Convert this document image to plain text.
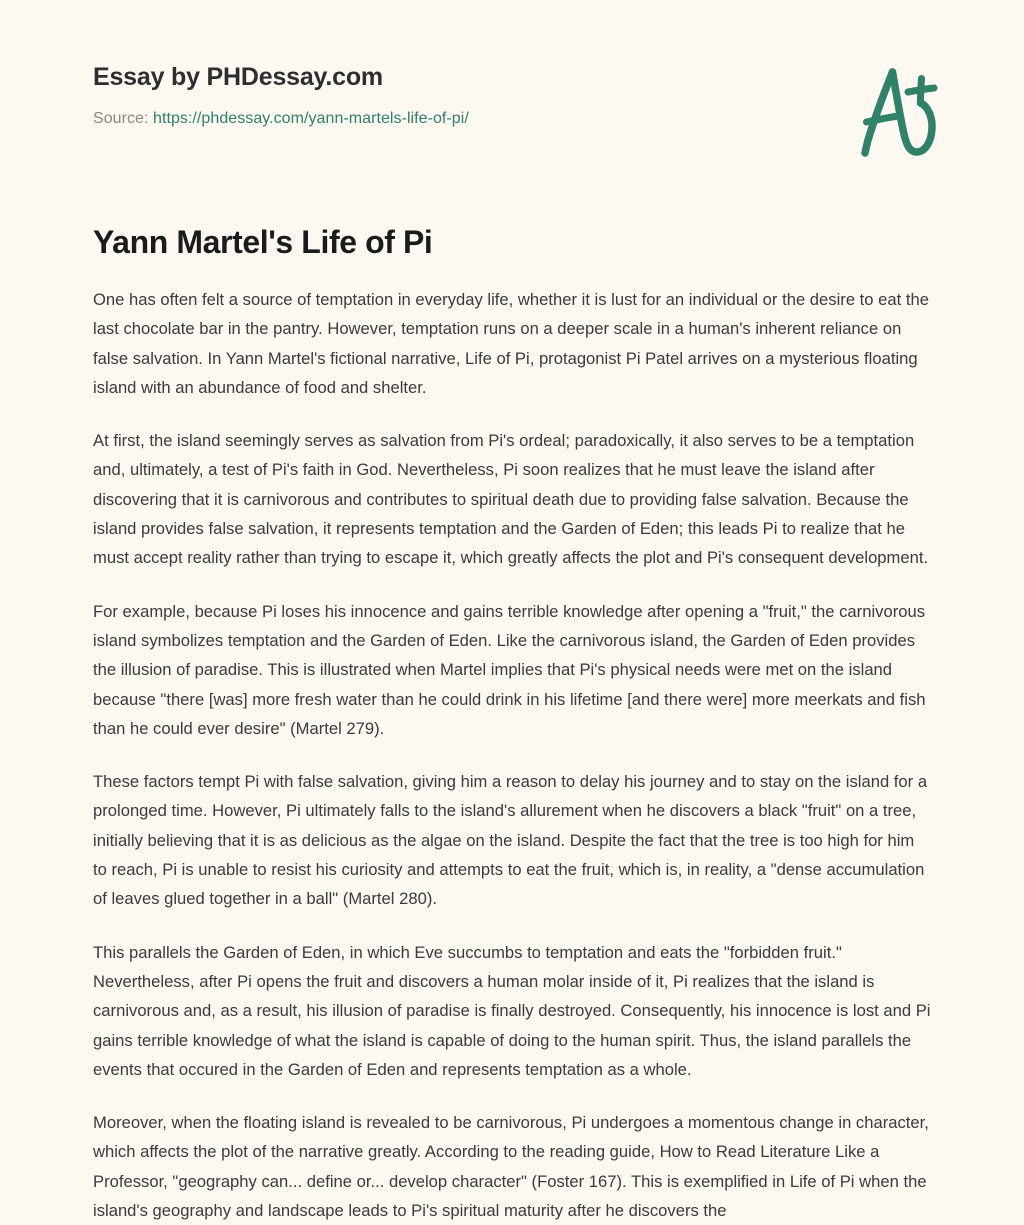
Essay by PHDessay.com
Source: https://phdessay.com/yann-martels-life-of-pi/
Yann Martel's Life of Pi

One has often felt a source of temptation in everyday life, whether it is lust for an individual or the desire to eat the last chocolate bar in the pantry. However, temptation runs on a deeper scale in a human's inherent reliance on false salvation. In Yann Martel's fictional narrative, Life of Pi, protagonist Pi Patel arrives on a mysterious floating island with an abundance of food and shelter.

At first, the island seemingly serves as salvation from Pi's ordeal; paradoxically, it also serves to be a temptation and, ultimately, a test of Pi's faith in God. Nevertheless, Pi soon realizes that he must leave the island after discovering that it is carnivorous and contributes to spiritual death due to providing false salvation. Because the island provides false salvation, it represents temptation and the Garden of Eden; this leads Pi to realize that he must accept reality rather than trying to escape it, which greatly affects the plot and Pi's consequent development.

For example, because Pi loses his innocence and gains terrible knowledge after opening a "fruit," the carnivorous island symbolizes temptation and the Garden of Eden. Like the carnivorous island, the Garden of Eden provides the illusion of paradise. This is illustrated when Martel implies that Pi's physical needs were met on the island because "there [was] more fresh water than he could drink in his lifetime [and there were] more meerkats and fish than he could ever desire" (Martel 279).

These factors tempt Pi with false salvation, giving him a reason to delay his journey and to stay on the island for a prolonged time. However, Pi ultimately falls to the island's allurement when he discovers a black "fruit" on a tree, initially believing that it is as delicious as the algae on the island. Despite the fact that the tree is too high for him to reach, Pi is unable to resist his curiosity and attempts to eat the fruit, which is, in reality, a "dense accumulation of leaves glued together in a ball" (Martel 280).

This parallels the Garden of Eden, in which Eve succumbs to temptation and eats the "forbidden fruit." Nevertheless, after Pi opens the fruit and discovers a human molar inside of it, Pi realizes that the island is carnivorous and, as a result, his illusion of paradise is finally destroyed. Consequently, his innocence is lost and Pi gains terrible knowledge of what the island is capable of doing to the human spirit. Thus, the island parallels the events that occured in the Garden of Eden and represents temptation as a whole.

Moreover, when the floating island is revealed to be carnivorous, Pi undergoes a momentous change in character, which affects the plot of the narrative greatly. According to the reading guide, How to Read Literature Like a Professor, "geography can... define or... develop character" (Foster 167). This is exemplified in Life of Pi when the island's geography and landscape leads to Pi's spiritual maturity after he discovers the
